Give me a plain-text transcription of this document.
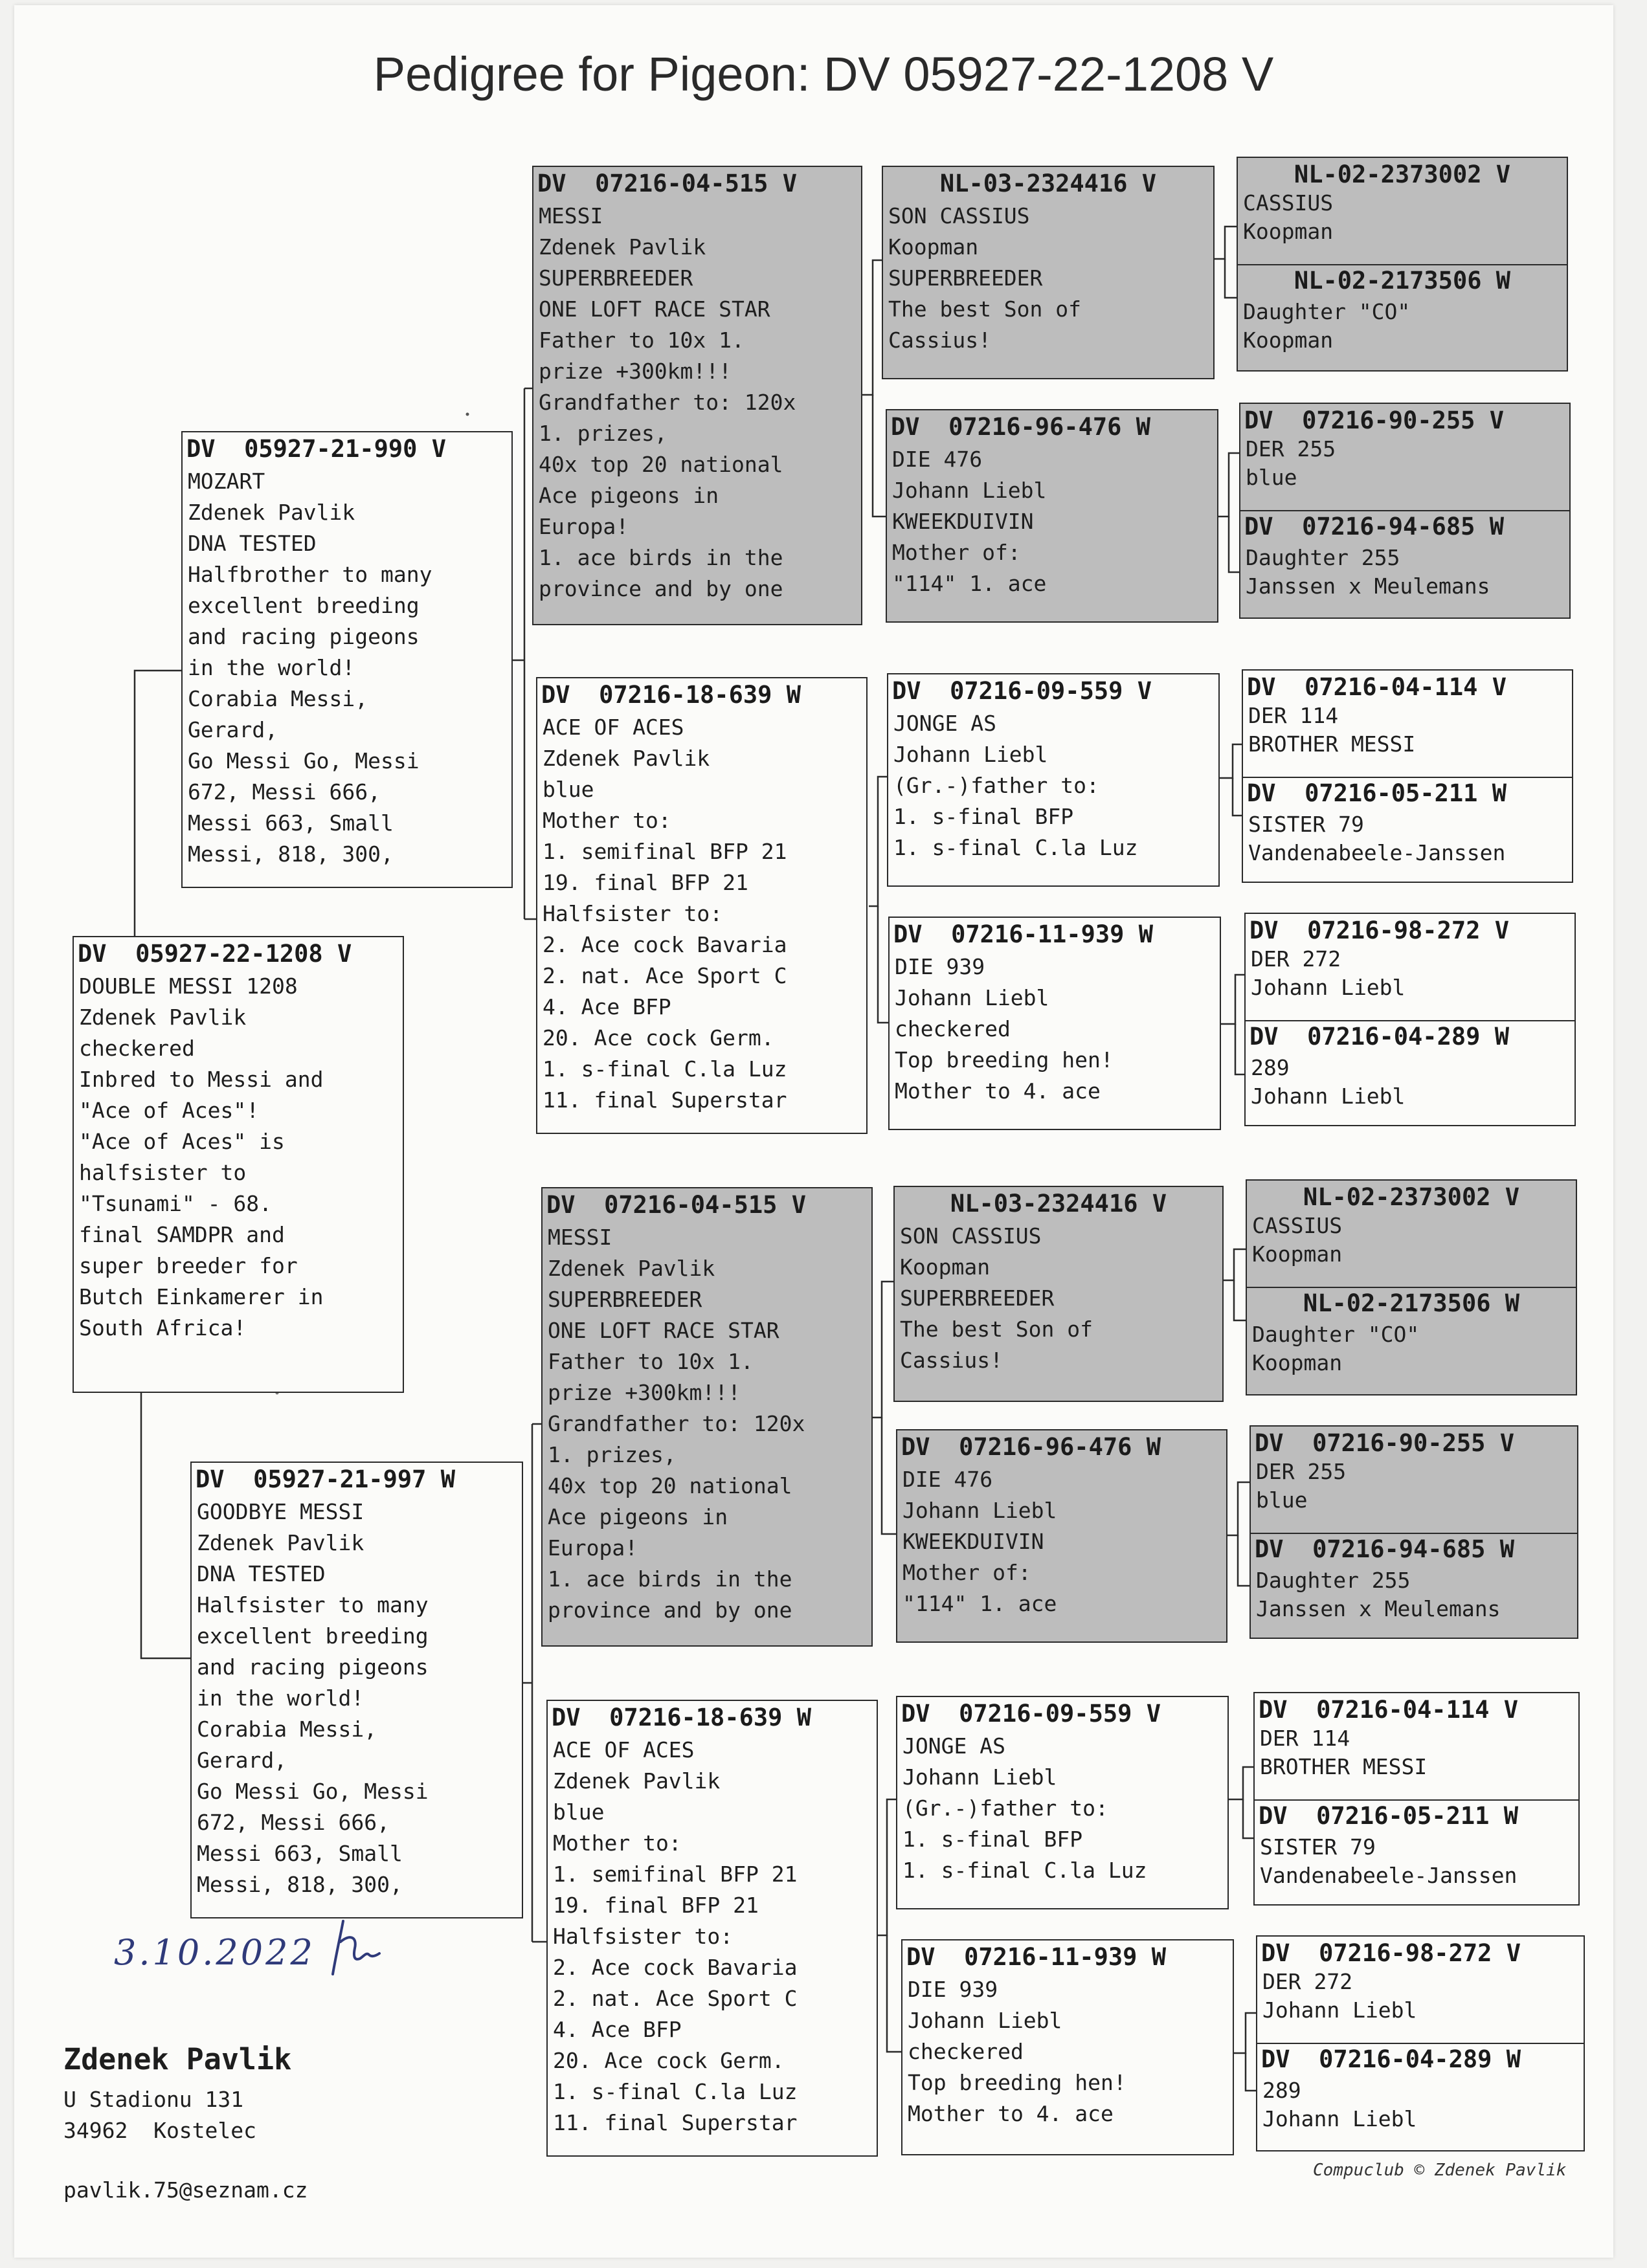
Pedigree for Pigeon: DV 05927-22-1208 V
DV  05927-22-1208 V
DOUBLE MESSI 1208
Zdenek Pavlik
checkered
Inbred to Messi and
"Ace of Aces"!
"Ace of Aces" is
halfsister to
"Tsunami" - 68.
final SAMDPR and
super breeder for
Butch Einkamerer in
South Africa!
DV  05927-21-990 V
MOZART
Zdenek Pavlik
DNA TESTED
Halfbrother to many
excellent breeding
and racing pigeons
in the world!
Corabia Messi,
Gerard,
Go Messi Go, Messi
672, Messi 666,
Messi 663, Small
Messi, 818, 300,
DV  05927-21-997 W
GOODBYE MESSI
Zdenek Pavlik
DNA TESTED
Halfsister to many
excellent breeding
and racing pigeons
in the world!
Corabia Messi,
Gerard,
Go Messi Go, Messi
672, Messi 666,
Messi 663, Small
Messi, 818, 300,
DV  07216-04-515 V
MESSI
Zdenek Pavlik
SUPERBREEDER
ONE LOFT RACE STAR
Father to 10x 1.
prize +300km!!!
Grandfather to: 120x
1. prizes,
40x top 20 national
Ace pigeons in
Europa!
1. ace birds in the
province and by one
DV  07216-18-639 W
ACE OF ACES
Zdenek Pavlik
blue
Mother to:
1. semifinal BFP 21
19. final BFP 21
Halfsister to:
2. Ace cock Bavaria
2. nat. Ace Sport C
4. Ace BFP
20. Ace cock Germ.
1. s-final C.la Luz
11. final Superstar
DV  07216-04-515 V
MESSI
Zdenek Pavlik
SUPERBREEDER
ONE LOFT RACE STAR
Father to 10x 1.
prize +300km!!!
Grandfather to: 120x
1. prizes,
40x top 20 national
Ace pigeons in
Europa!
1. ace birds in the
province and by one
DV  07216-18-639 W
ACE OF ACES
Zdenek Pavlik
blue
Mother to:
1. semifinal BFP 21
19. final BFP 21
Halfsister to:
2. Ace cock Bavaria
2. nat. Ace Sport C
4. Ace BFP
20. Ace cock Germ.
1. s-final C.la Luz
11. final Superstar
NL-03-2324416 V
SON CASSIUS
Koopman
SUPERBREEDER
The best Son of
Cassius!
DV  07216-96-476 W
DIE 476
Johann Liebl
KWEEKDUIVIN
Mother of:
"114" 1. ace
DV  07216-09-559 V
JONGE AS
Johann Liebl
(Gr.-)father to:
1. s-final BFP
1. s-final C.la Luz
DV  07216-11-939 W
DIE 939
Johann Liebl
checkered
Top breeding hen!
Mother to 4. ace
NL-03-2324416 V
SON CASSIUS
Koopman
SUPERBREEDER
The best Son of
Cassius!
DV  07216-96-476 W
DIE 476
Johann Liebl
KWEEKDUIVIN
Mother of:
"114" 1. ace
DV  07216-09-559 V
JONGE AS
Johann Liebl
(Gr.-)father to:
1. s-final BFP
1. s-final C.la Luz
DV  07216-11-939 W
DIE 939
Johann Liebl
checkered
Top breeding hen!
Mother to 4. ace
NL-02-2373002 V
CASSIUS
Koopman
NL-02-2173506 W
Daughter "CO"
Koopman
DV  07216-90-255 V
DER 255
blue
DV  07216-94-685 W
Daughter 255
Janssen x Meulemans
DV  07216-04-114 V
DER 114
BROTHER MESSI
DV  07216-05-211 W
SISTER 79
Vandenabeele-Janssen
DV  07216-98-272 V
DER 272
Johann Liebl
DV  07216-04-289 W
289
Johann Liebl
NL-02-2373002 V
CASSIUS
Koopman
NL-02-2173506 W
Daughter "CO"
Koopman
DV  07216-90-255 V
DER 255
blue
DV  07216-94-685 W
Daughter 255
Janssen x Meulemans
DV  07216-04-114 V
DER 114
BROTHER MESSI
DV  07216-05-211 W
SISTER 79
Vandenabeele-Janssen
DV  07216-98-272 V
DER 272
Johann Liebl
DV  07216-04-289 W
289
Johann Liebl
3.10.2022
Zdenek Pavlik
U Stadionu 131
34962  Kostelec
pavlik.75@seznam.cz
Compuclub © Zdenek Pavlik
